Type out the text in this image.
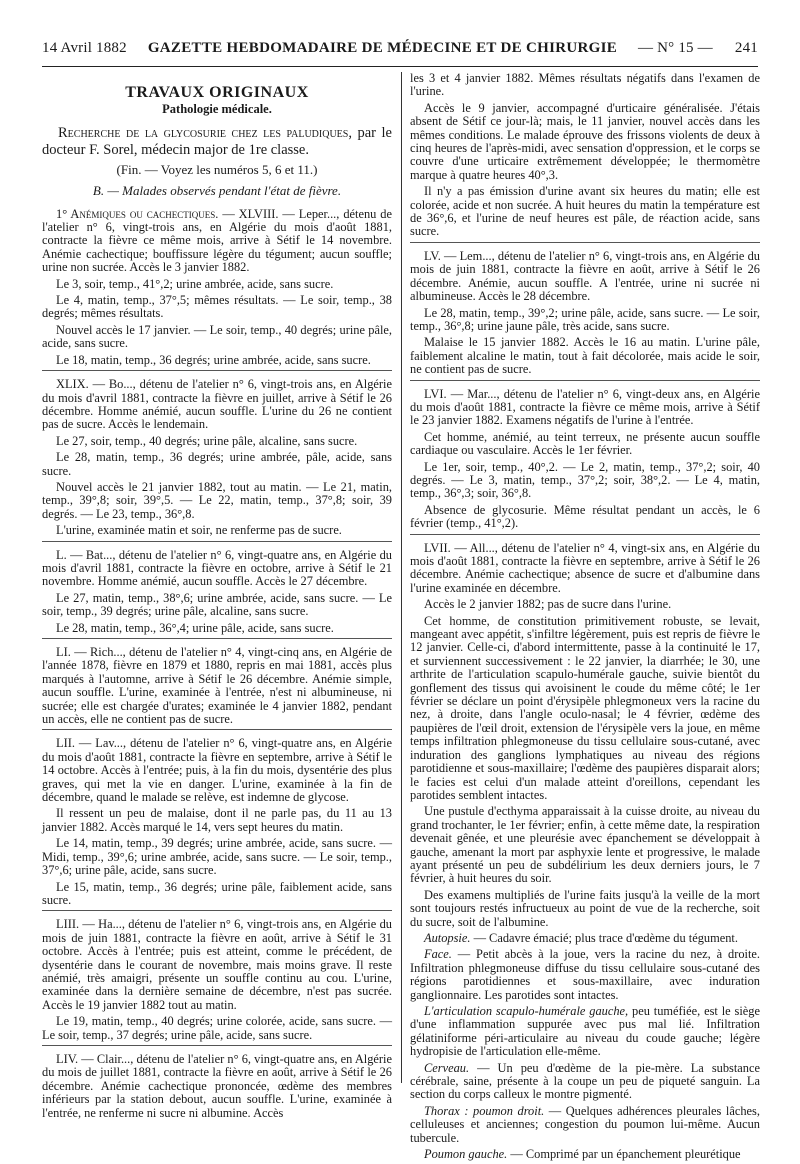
14 Avril 1882 GAZETTE HEBDOMADAIRE DE MÉDECINE ET DE CHIRURGIE — N° 15 — 241
TRAVAUX ORIGINAUX
Pathologie médicale.

Recherche de la glycosurie chez les paludiques, par le docteur F. Sorel, médecin major de 1re classe.

(Fin. — Voyez les numéros 5, 6 et 11.)
B. — Malades observés pendant l'état de fièvre.

1° Anémiques ou cachectiques. — XLVIII. — Leper..., détenu de l'atelier n° 6, vingt-trois ans, en Algérie du mois d'août 1881, contracte la fièvre ce même mois, arrive à Sétif le 14 novembre. Anémie cachectique; bouffissure légère du tégument; aucun souffle; urine non sucrée. Accès le 3 janvier 1882.

Le 3, soir, temp., 41°,2; urine ambrée, acide, sans sucre.

Le 4, matin, temp., 37°,5; mêmes résultats. — Le soir, temp., 38 degrés; mêmes résultats.

Nouvel accès le 17 janvier. — Le soir, temp., 40 degrés; urine pâle, acide, sans sucre.

Le 18, matin, temp., 36 degrés; urine ambrée, acide, sans sucre.

XLIX. — Bo..., détenu de l'atelier n° 6, vingt-trois ans, en Algérie du mois d'avril 1881, contracte la fièvre en juillet, arrive à Sétif le 26 décembre. Homme anémié, aucun souffle. L'urine du 26 ne contient pas de sucre. Accès le lendemain.

Le 27, soir, temp., 40 degrés; urine pâle, alcaline, sans sucre.

Le 28, matin, temp., 36 degrés; urine ambrée, pâle, acide, sans sucre.

Nouvel accès le 21 janvier 1882, tout au matin. — Le 21, matin, temp., 39°,8; soir, 39°,5. — Le 22, matin, temp., 37°,8; soir, 39 degrés. — Le 23, temp., 36°,8.

L'urine, examinée matin et soir, ne renferme pas de sucre.

L. — Bat..., détenu de l'atelier n° 6, vingt-quatre ans, en Algérie du mois d'avril 1881, contracte la fièvre en octobre, arrive à Sétif le 21 novembre. Homme anémié, aucun souffle. Accès le 27 décembre.

Le 27, matin, temp., 38°,6; urine ambrée, acide, sans sucre. — Le soir, temp., 39 degrés; urine pâle, alcaline, sans sucre.

Le 28, matin, temp., 36°,4; urine pâle, acide, sans sucre.

LI. — Rich..., détenu de l'atelier n° 4, vingt-cinq ans, en Algérie de l'année 1878, fièvre en 1879 et 1880, repris en mai 1881, accès plus marqués à l'automne, arrive à Sétif le 26 décembre. Anémie simple, aucun souffle. L'urine, examinée à l'entrée, n'est ni albumineuse, ni sucrée; elle est chargée d'urates; examinée le 4 janvier 1882, pendant un accès, elle ne contient pas de sucre.

LII. — Lav..., détenu de l'atelier n° 6, vingt-quatre ans, en Algérie du mois d'août 1881, contracte la fièvre en septembre, arrive à Sétif le 14 octobre. Accès à l'entrée; puis, à la fin du mois, dysentérie des plus graves, qui met la vie en danger. L'urine, examinée à la fin de décembre, quand le malade se relève, est indemne de glycose.

Il ressent un peu de malaise, dont il ne parle pas, du 11 au 13 janvier 1882. Accès marqué le 14, vers sept heures du matin.

Le 14, matin, temp., 39 degrés; urine ambrée, acide, sans sucre. — Midi, temp., 39°,6; urine ambrée, acide, sans sucre. — Le soir, temp., 37°,6; urine pâle, acide, sans sucre.

Le 15, matin, temp., 36 degrés; urine pâle, faiblement acide, sans sucre.

LIII. — Ha..., détenu de l'atelier n° 6, vingt-trois ans, en Algérie du mois de juin 1881, contracte la fièvre en août, arrive à Sétif le 31 octobre. Accès à l'entrée; puis est atteint, comme le précédent, de dysentérie dans le courant de novembre, mais moins grave. Il reste anémié, très amaigri, présente un souffle continu au cou. L'urine, examinée dans la dernière semaine de décembre, n'est pas sucrée. Accès le 19 janvier 1882 tout au matin.

Le 19, matin, temp., 40 degrés; urine colorée, acide, sans sucre. — Le soir, temp., 37 degrés; urine pâle, acide, sans sucre.

LIV. — Clair..., détenu de l'atelier n° 6, vingt-quatre ans, en Algérie du mois de juillet 1881, contracte la fièvre en août, arrive à Sétif le 26 décembre. Anémie cachectique prononcée, œdème des membres inférieurs par la station debout, aucun souffle. L'urine, examinée à l'entrée, ne renferme ni sucre ni albumine. Accès

les 3 et 4 janvier 1882. Mêmes résultats négatifs dans l'examen de l'urine.

Accès le 9 janvier, accompagné d'urticaire généralisée. J'étais absent de Sétif ce jour-là; mais, le 11 janvier, nouvel accès dans les mêmes conditions. Le malade éprouve des frissons violents de deux à cinq heures de l'après-midi, avec sensation d'oppression, et le corps se couvre d'une urticaire extrêmement développée; le thermomètre marque à quatre heures 40°,3.

Il n'y a pas émission d'urine avant six heures du matin; elle est colorée, acide et non sucrée. A huit heures du matin la température est de 36°,6, et l'urine de neuf heures est pâle, de réaction acide, sans sucre.

LV. — Lem..., détenu de l'atelier n° 6, vingt-trois ans, en Algérie du mois de juin 1881, contracte la fièvre en août, arrive à Sétif le 26 décembre. Anémie, aucun souffle. A l'entrée, urine ni sucrée ni albumineuse. Accès le 28 décembre.

Le 28, matin, temp., 39°,2; urine pâle, acide, sans sucre. — Le soir, temp., 36°,8; urine jaune pâle, très acide, sans sucre.

Malaise le 15 janvier 1882. Accès le 16 au matin. L'urine pâle, faiblement alcaline le matin, tout à fait décolorée, mais acide le soir, ne contient pas de sucre.

LVI. — Mar..., détenu de l'atelier n° 6, vingt-deux ans, en Algérie du mois d'août 1881, contracte la fièvre ce même mois, arrive à Sétif le 23 janvier 1882. Examens négatifs de l'urine à l'entrée.

Cet homme, anémié, au teint terreux, ne présente aucun souffle cardiaque ou vasculaire. Accès le 1er février.

Le 1er, soir, temp., 40°,2. — Le 2, matin, temp., 37°,2; soir, 40 degrés. — Le 3, matin, temp., 37°,2; soir, 38°,2. — Le 4, matin, temp., 36°,3; soir, 36°,8.

Absence de glycosurie. Même résultat pendant un accès, le 6 février (temp., 41°,2).

LVII. — All..., détenu de l'atelier n° 4, vingt-six ans, en Algérie du mois d'août 1881, contracte la fièvre en septembre, arrive à Sétif le 26 décembre. Anémie cachectique; absence de sucre et d'albumine dans l'urine examinée en décembre.

Accès le 2 janvier 1882; pas de sucre dans l'urine.

Cet homme, de constitution primitivement robuste, se levait, mangeant avec appétit, s'infiltre légèrement, puis est repris de fièvre le 12 janvier. Celle-ci, d'abord intermittente, passe à la continuité le 17, et surviennent successivement : le 22 janvier, la diarrhée; le 30, une arthrite de l'articulation scapulo-humérale gauche, suivie bientôt du gonflement des tissus qui avoisinent le coude du même côté; le 1er février se déclare un point d'érysipèle phlegmoneux vers la racine du nez, à droite, dans l'angle oculo-nasal; le 4 février, œdème des paupières de l'œil droit, extension de l'érysipèle vers la joue, en même temps infiltration phlegmoneuse du tissu cellulaire sous-cutané, avec induration des ganglions lymphatiques au niveau des régions parotidienne et sous-maxillaire; l'œdème des paupières disparait alors; le facies est celui d'un malade atteint d'oreillons, cependant les parotides semblent intactes.

Une pustule d'ecthyma apparaissait à la cuisse droite, au niveau du grand trochanter, le 1er février; enfin, à cette même date, la respiration devenait gênée, et une pleurésie avec épanchement se développait à gauche, amenant la mort par asphyxie lente et progressive, le malade ayant présenté un peu de subdélirium les deux derniers jours, le 7 février, à huit heures du soir.

Des examens multipliés de l'urine faits jusqu'à la veille de la mort sont toujours restés infructueux au point de vue de la recherche, soit du sucre, soit de l'albumine.

Autopsie. — Cadavre émacié; plus trace d'œdème du tégument.

Face. — Petit abcès à la joue, vers la racine du nez, à droite. Infiltration phlegmoneuse diffuse du tissu cellulaire sous-cutané des régions parotidiennes et sous-maxillaire, avec induration ganglionnaire. Les parotides sont intactes.

L'articulation scapulo-humérale gauche, peu tuméfiée, est le siège d'une inflammation suppurée avec pus mal lié. Infiltration gélatiniforme péri-articulaire au niveau du coude gauche; légère hydropisie de l'articulation elle-même.

Cerveau. — Un peu d'œdème de la pie-mère. La substance cérébrale, saine, présente à la coupe un peu de piqueté sanguin. La section du corps calleux le montre pigmenté.

Thorax : poumon droit. — Quelques adhérences pleurales lâches, celluleuses et anciennes; congestion du poumon lui-même. Aucun tubercule.

Poumon gauche. — Comprimé par un épanchement pleurétique
